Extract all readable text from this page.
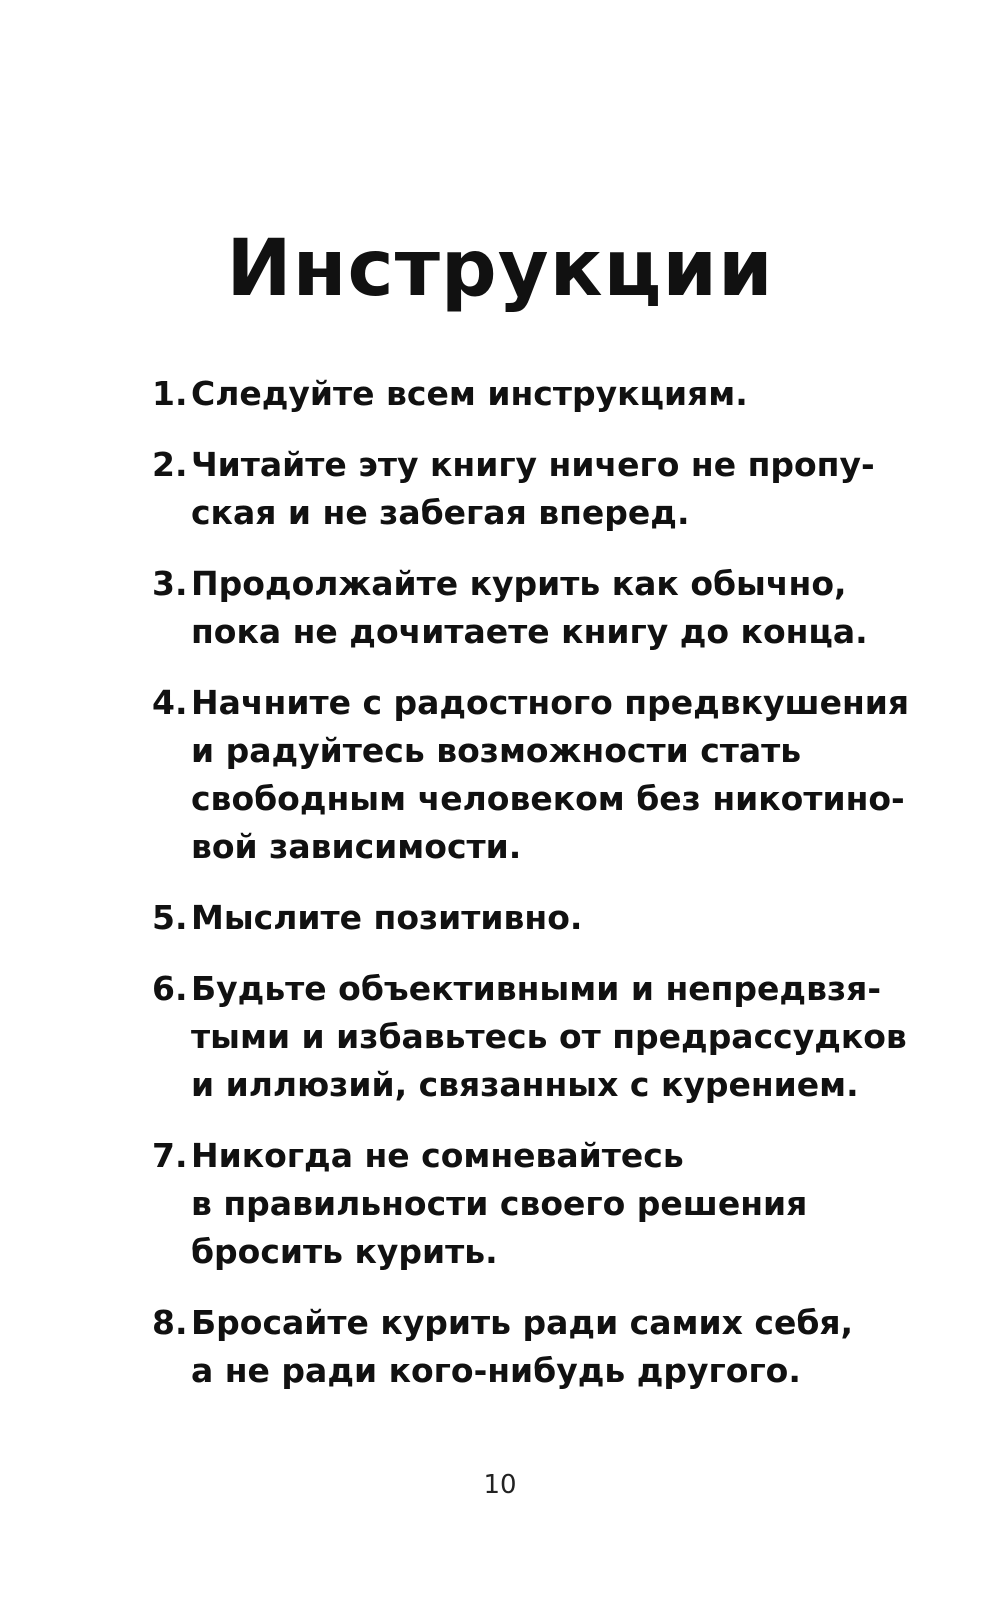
Инструкции
1. Следуйте всем инструкциям.
2. Читайте эту книгу ничего не пропу-
ская и не забегая вперед.
3. Продолжайте курить как обычно,
пока не дочитаете книгу до конца.
4. Начните с радостного предвкушения
и радуйтесь возможности стать
свободным человеком без никотино-
вой зависимости.
5. Мыслите позитивно.
6. Будьте объективными и непредвзя-
тыми и избавьтесь от предрассудков
и иллюзий, связанных с курением.
7. Никогда не сомневайтесь
в правильности своего решения
бросить курить.
8. Бросайте курить ради самих себя,
а не ради кого-нибудь другого.
10
